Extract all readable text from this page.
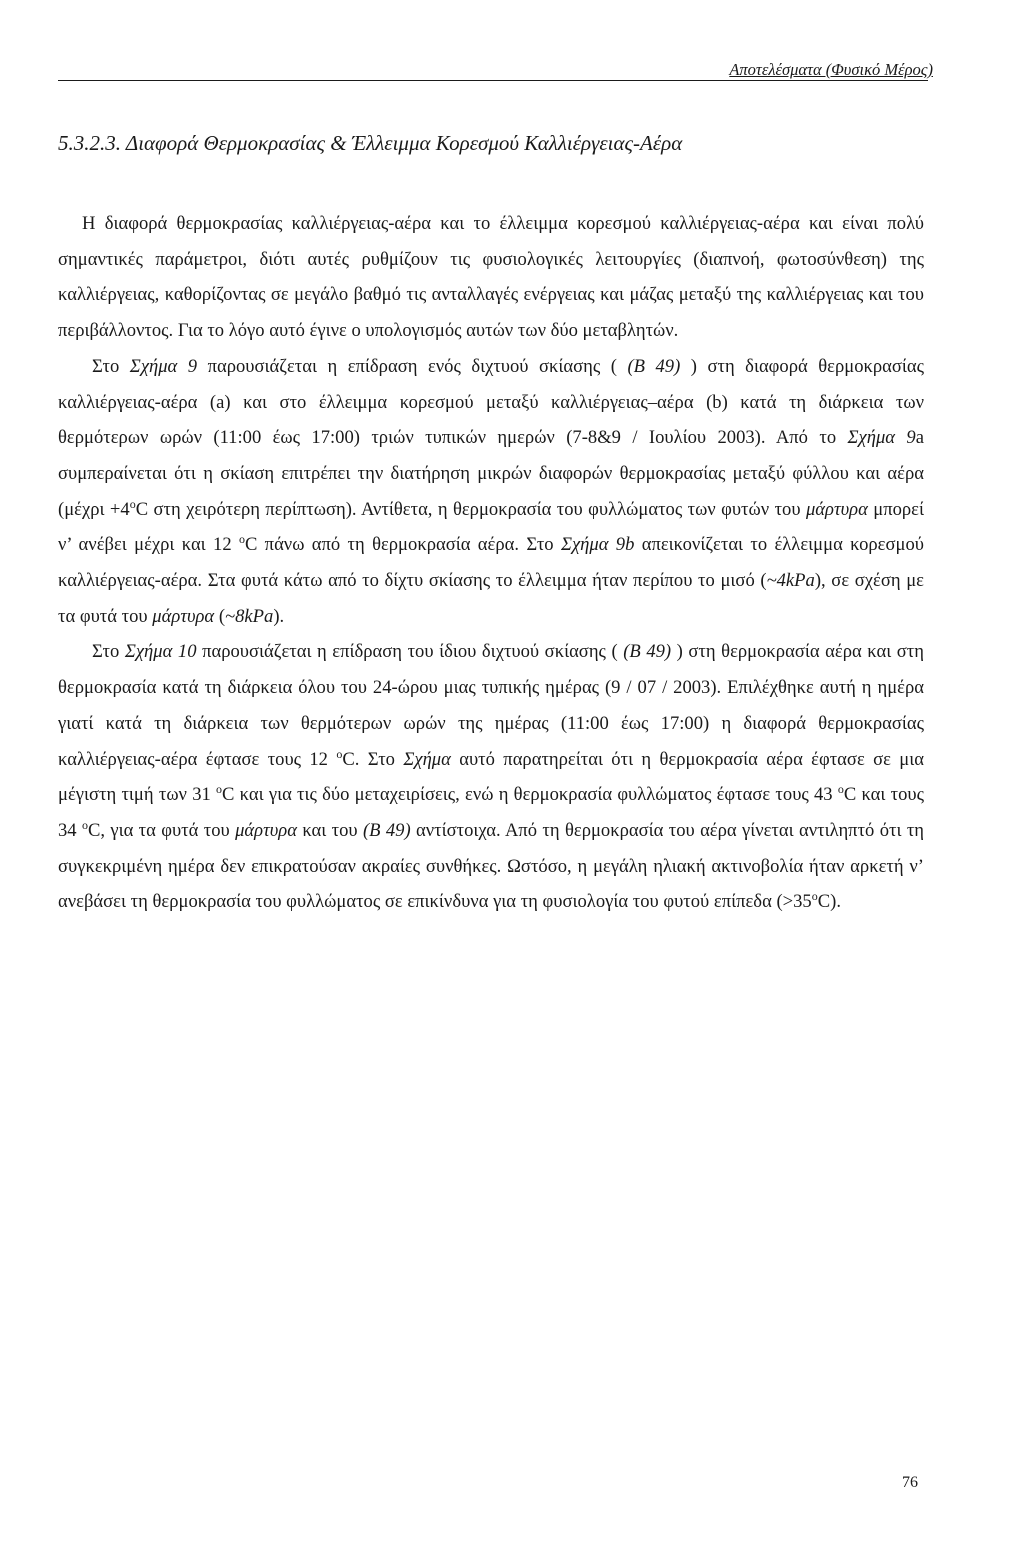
Αποτελέσματα (Φυσικό Μέρος)
5.3.2.3. Διαφορά Θερμοκρασίας & Έλλειμμα Κορεσμού Καλλιέργειας-Αέρα

Η διαφορά θερμοκρασίας καλλιέργειας-αέρα και το έλλειμμα κορεσμού καλλιέργειας-αέρα και είναι πολύ σημαντικές παράμετροι, διότι αυτές ρυθμίζουν τις φυσιολογικές λειτουργίες (διαπνοή, φωτοσύνθεση) της καλλιέργειας, καθορίζοντας σε μεγάλο βαθμό τις ανταλλαγές ενέργειας και μάζας μεταξύ της καλλιέργειας και του περιβάλλοντος. Για το λόγο αυτό έγινε ο υπολογισμός αυτών των δύο μεταβλητών.

Στο Σχήμα 9 παρουσιάζεται η επίδραση ενός διχτυού σκίασης ( (B 49) ) στη διαφορά θερμοκρασίας καλλιέργειας-αέρα (a) και στο έλλειμμα κορεσμού μεταξύ καλλιέργειας–αέρα (b) κατά τη διάρκεια των θερμότερων ωρών (11:00 έως 17:00) τριών τυπικών ημερών (7-8&9 / Ιουλίου 2003). Από το Σχήμα 9a συμπεραίνεται ότι η σκίαση επιτρέπει την διατήρηση μικρών διαφορών θερμοκρασίας μεταξύ φύλλου και αέρα ($\mu έ\chi\rho\iota +4^oC$ στη χειρότερη περίπτωση). Αντίθετα, η θερμοκρασία του φυλλώματος των φυτών του μάρτυρα μπορεί ν’ ανέβει μέχρι και 12 $^o$C πάνω από τη θερμοκρασία αέρα. Στο Σχήμα 9b απεικονίζεται το έλλειμμα κορεσμού καλλιέργειας-αέρα. Στα φυτά κάτω από το δίχτυ σκίασης το έλλειμμα ήταν περίπου το μισό (~4kPa), σε σχέση με τα φυτά του μάρτυρα (~8kPa).

Στο Σχήμα 10 παρουσιάζεται η επίδραση του ίδιου διχτυού σκίασης ( (B 49) ) στη θερμοκρασία αέρα και στη θερμοκρασία κατά τη διάρκεια όλου του 24-ώρου μιας τυπικής ημέρας (9 / 07 / 2003). Επιλέχθηκε αυτή η ημέρα γιατί κατά τη διάρκεια των θερμότερων ωρών της ημέρας (11:00 έως 17:00) η διαφορά θερμοκρασίας καλλιέργειας-αέρα έφτασε τους 12 $^o$C. Στο Σχήμα αυτό παρατηρείται ότι η θερμοκρασία αέρα έφτασε σε μια μέγιστη τιμή των 31 $^o$C και για τις δύο μεταχειρίσεις, ενώ η θερμοκρασία φυλλώματος έφτασε τους 43 $^o$C και τους 34 $^o$C, για τα φυτά του μάρτυρα και του (B 49) αντίστοιχα. Από τη θερμοκρασία του αέρα γίνεται αντιληπτό ότι τη συγκεκριμένη ημέρα δεν επικρατούσαν ακραίες συνθήκες. Ωστόσο, η μεγάλη ηλιακή ακτινοβολία ήταν αρκετή ν’ ανεβάσει τη θερμοκρασία του φυλλώματος σε επικίνδυνα για τη φυσιολογία του φυτού επίπεδα $(>35^oC)$.

76
